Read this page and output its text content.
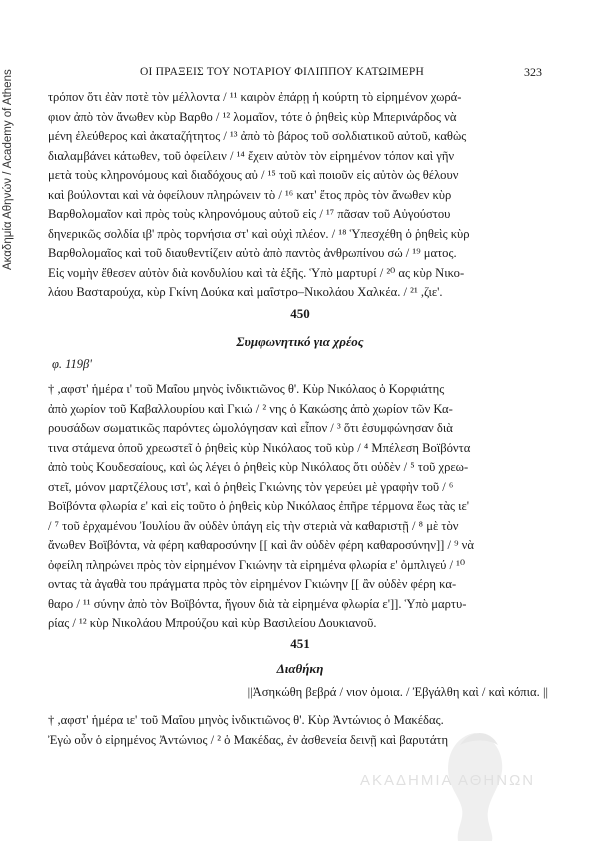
Ακαδημία Αθηνών / Academy of Athens	ΟΙ ΠΡΑΞΕΙΣ ΤΟΥ ΝΟΤΑΡΙΟΥ ΦΙΛΙΠΠΟΥ ΚΑΤΩΙΜΕΡΗ	323
τρόπον ὅτι ἐὰν ποτὲ τὸν μέλλοντα / ¹¹ καιρὸν ἐπάρῃ ἡ κούρτη τὸ εἰρημένον χωρά-
φιον ἀπὸ τὸν ἄνωθεν κὺρ Βαρθο / ¹² λομαῖον, τότε ὁ ῥηθεὶς κὺρ Μπερινάρδος νὰ
μένη ἐλεύθερος καὶ ἀκαταζήτητος / ¹³ ἀπὸ τὸ βάρος τοῦ σολδιατικοῦ αὐτοῦ, καθὼς
διαλαμβάνει κάτωθεν, τοῦ ὀφείλειν / ¹⁴ ἔχειν αὐτὸν τὸν εἰρημένον τόπον καὶ γῆν
μετὰ τοὺς κληρονόμους καὶ διαδόχους αὐ / ¹⁵ τοῦ καὶ ποιοῦν εἰς αὐτὸν ὡς θέλουν
καὶ βούλονται καὶ νὰ ὀφείλουν πληρώνειν τὸ / ¹⁶ κατ' ἔτος πρὸς τὸν ἄνωθεν κὺρ
Βαρθολομαῖον καὶ πρὸς τοὺς κληρονόμους αὐτοῦ εἰς / ¹⁷ πᾶσαν τοῦ Αὐγούστου
δηνερικῶς σολδία ιβ' πρὸς τορνήσια στ' καὶ οὐχὶ πλέον. / ¹⁸ Ὑπεσχέθη ὁ ῥηθεὶς κὺρ
Βαρθολομαῖος καὶ τοῦ διαυθεντίζειν αὐτὸ ἀπὸ παντὸς ἀνθρωπίνου σώ / ¹⁹ ματος.
Εἰς νομὴν ἔθεσεν αὐτὸν διὰ κονδυλίου καὶ τὰ ἑξῆς. Ὑπὸ μαρτυρί / ²⁰ ας κὺρ Νικο-
λάου Βασταρούχα, κὺρ Γκίνη Δούκα καὶ μαΐστρο–Νικολάου Χαλκέα. / ²¹ ,ζιε'.
450
Συμφωνητικό για χρέος
φ. 119β'
† ,αφστ' ἡμέρα ι' τοῦ Μαΐου μηνὸς ἰνδικτιῶνος θ'. Κὺρ Νικόλαος ὁ Κορφιάτης
ἀπὸ χωρίον τοῦ Καβαλλουρίου καὶ Γκιώ / ² νης ὁ Κακώσης ἀπὸ χωρίον τῶν Κα-
ρουσάδων σωματικῶς παρόντες ὡμολόγησαν καὶ εἶπον / ³ ὅτι ἐσυμφώνησαν διὰ
τινα στάμενα ὁποῦ χρεωστεῖ ὁ ῥηθεὶς κὺρ Νικόλαος τοῦ κὺρ / ⁴ Μπέλεση Βοϊβόντα
ἀπὸ τοὺς Κουδεσαίους, καὶ ὡς λέγει ὁ ῥηθεὶς κὺρ Νικόλαος ὅτι οὐδὲν / ⁵ τοῦ χρεω-
στεῖ, μόνον μαρτζέλους ιστ', καὶ ὁ ῥηθεὶς Γκιώνης τὸν γερεύει μὲ γραφὴν τοῦ / ⁶
Βοϊβόντα φλωρία ε' καὶ εἰς τοῦτο ὁ ῥηθεὶς κὺρ Νικόλαος ἐπῆρε τέρμονα ἕως τὰς ιε'
/ ⁷ τοῦ ἐρχαμένου Ἰουλίου ἂν οὐδὲν ὑπάγη εἰς τὴν στεριὰ νὰ καθαριστῇ / ⁸ μὲ τὸν
ἄνωθεν Βοϊβόντα, νὰ φέρη καθαροσύνην [[ καὶ ἂν οὐδὲν φέρη καθαροσύνην]] / ⁹ νὰ
ὀφείλη πληρώνει πρὸς τὸν εἰρημένον Γκιώνην τὰ εἰρημένα φλωρία ε' ὀμπλιγεύ / ¹⁰
οντας τὰ ἀγαθὰ του πράγματα πρὸς τὸν εἰρημένον Γκιώνην [[ ἂν οὐδὲν φέρη κα-
θαρο / ¹¹ σύνην ἀπὸ τὸν Βοϊβόντα, ἤγουν διὰ τὰ εἰρημένα φλωρία ε']]. Ὑπὸ μαρτυ-
ρίας / ¹² κὺρ Νικολάου Μπρούζου καὶ κὺρ Βασιλείου Δουκιανοῦ.
451
Διαθήκη
||Ἀσηκώθη βεβρά / νιον ὁμοια. / Ἐβγάλθη καὶ / καὶ κόπια. ||
† ,αφστ' ἡμέρα ιε' τοῦ Μαΐου μηνὸς ἰνδικτιῶνος θ'. Κὺρ Ἀντώνιος ὁ Μακέδας.
Ἐγὼ οὖν ὁ εἰρημένος Ἀντώνιος / ² ὁ Μακέδας, ἐν ἀσθενεία δεινῇ καὶ βαρυτάτη
ΑΚΑΔΗΜΙΑ ΑΘΗΝΩΝ
